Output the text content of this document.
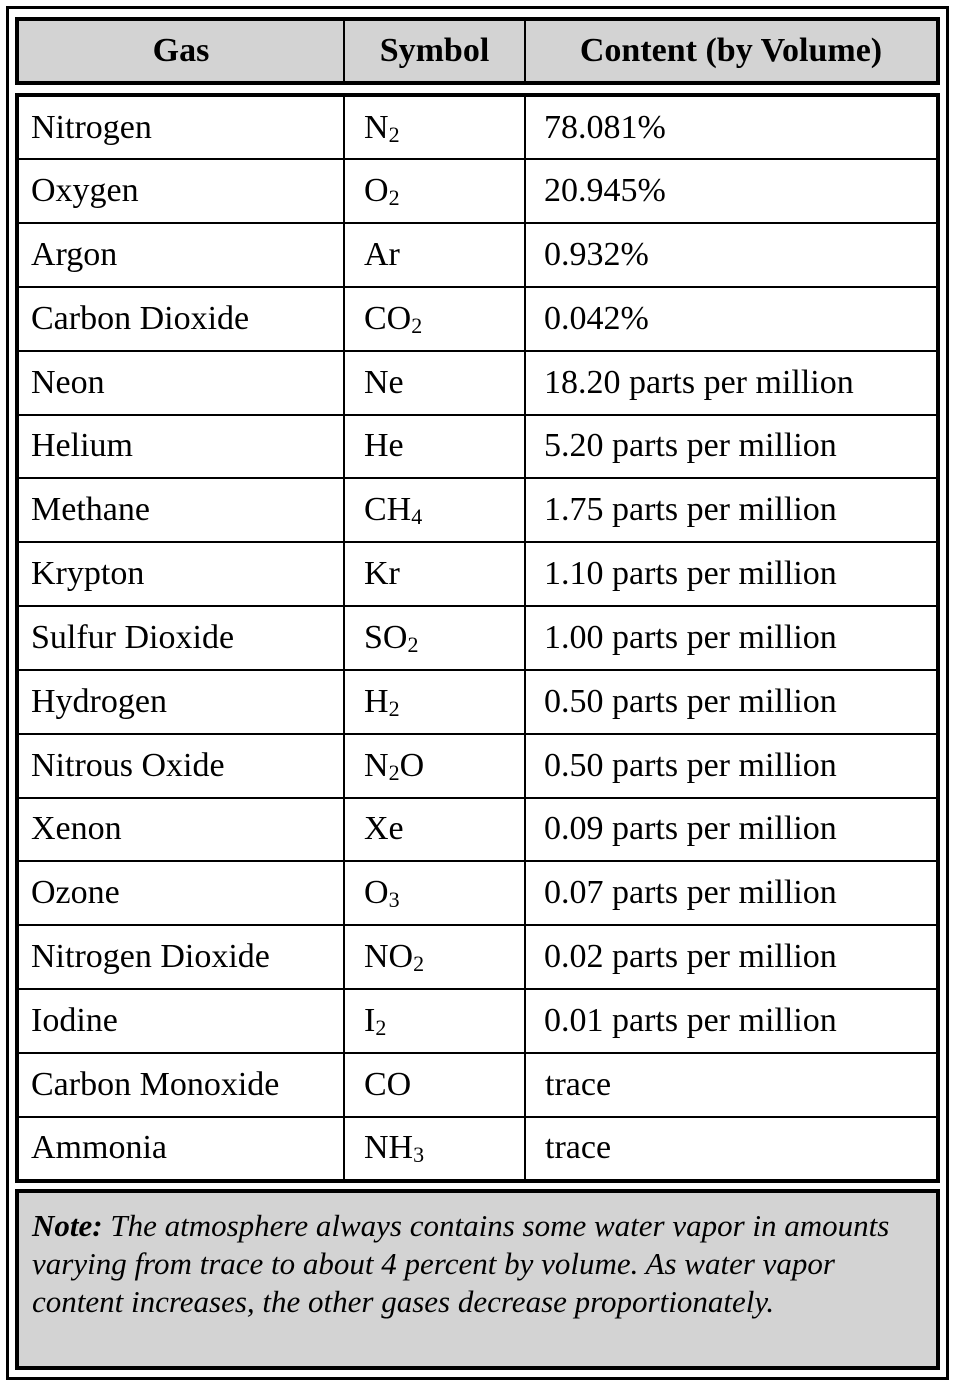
Gas	Symbol	Content (by Volume)
Nitrogen	$N_2$	78.081%
Oxygen	$O_2$	20.945%
Argon	Ar	0.932%
Carbon Dioxide	$CO_2$	0.042%
Neon	Ne	18.20 parts per million
Helium	He	5.20 parts per million
Methane	$CH_4$	1.75 parts per million
Krypton	Kr	1.10 parts per million
Sulfur Dioxide	$SO_2$	1.00 parts per million
Hydrogen	$H_2$	0.50 parts per million
Nitrous Oxide	$N_2O$	0.50 parts per million
Xenon	Xe	0.09 parts per million
Ozone	$O_3$	0.07 parts per million
Nitrogen Dioxide	$NO_2$	0.02 parts per million
Iodine	$I_2$	0.01 parts per million
Carbon Monoxide	CO	trace
Ammonia	$NH_3$	trace
Note: The atmosphere always contains some water vapor in amounts varying from trace to about 4 percent by volume. As water vapor content increases, the other gases decrease proportionately.
